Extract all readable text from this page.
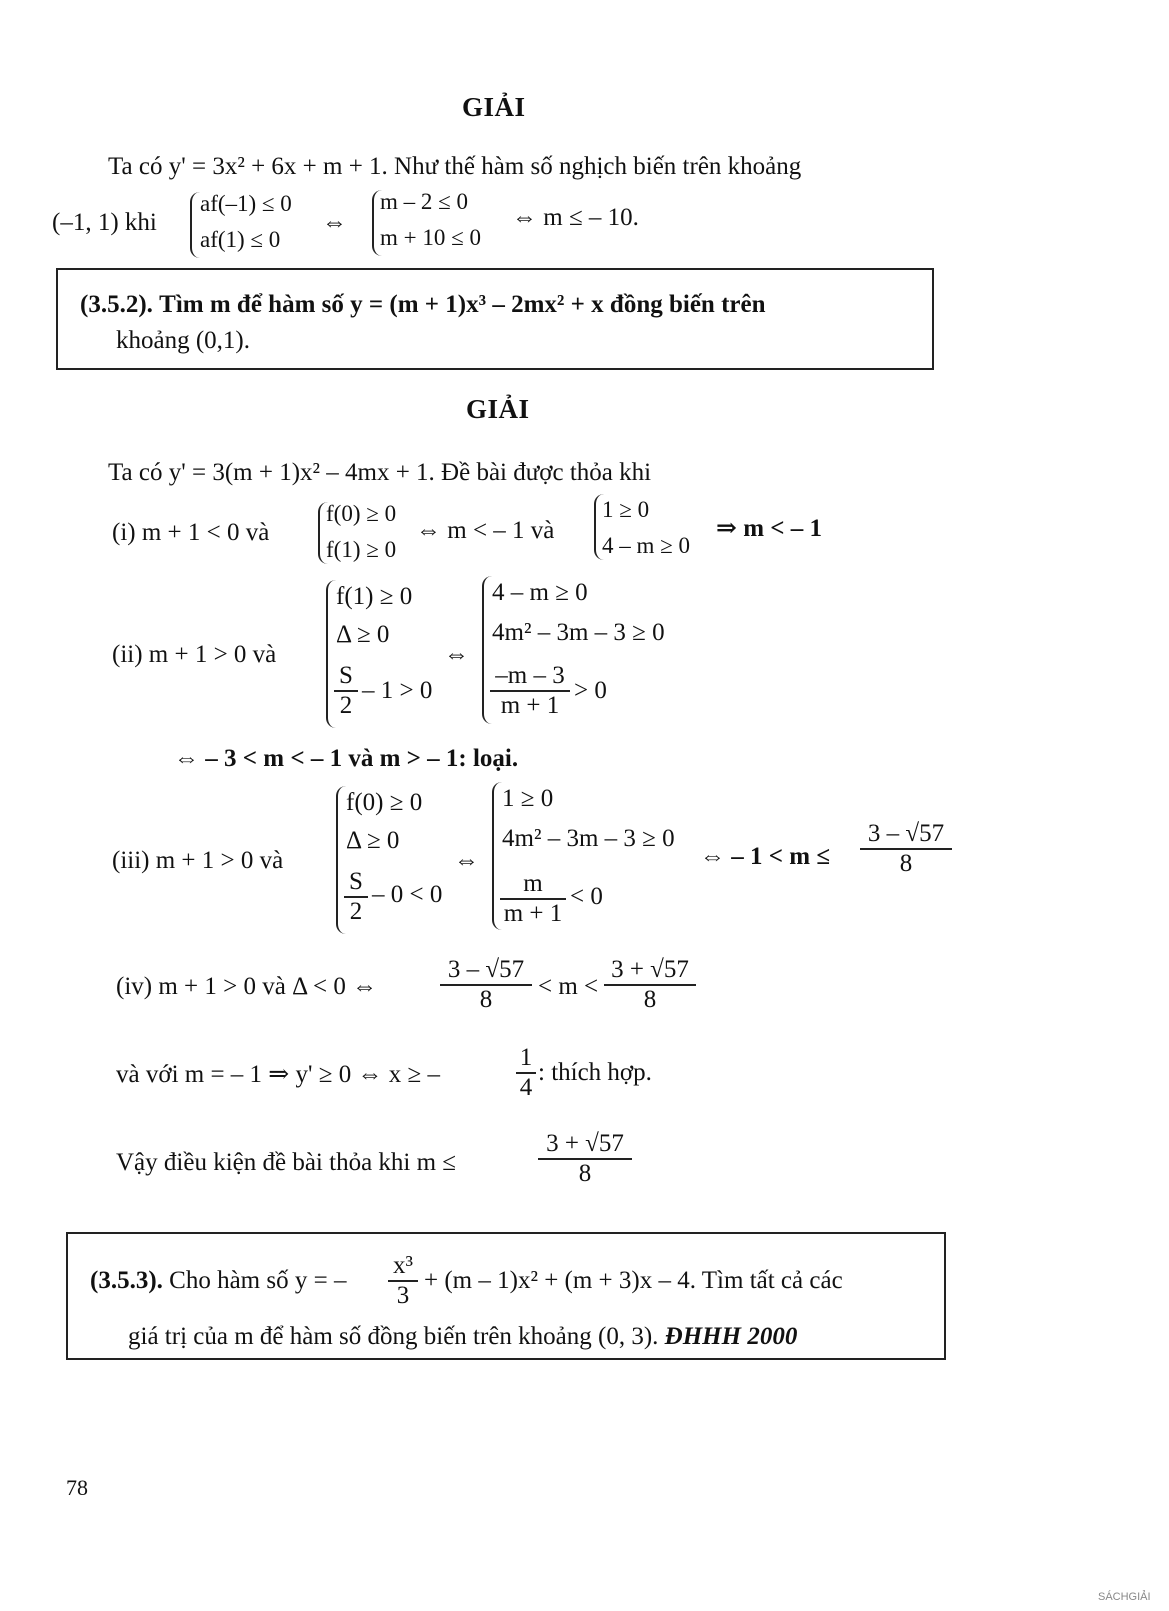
GIẢI
Ta có y' = 3x² + 6x + m + 1. Như thế hàm số nghịch biến trên khoảng
(–1, 1) khi
af(–1) ≤ 0
af(1) ≤ 0
⇔
m – 2 ≤ 0
m + 10 ≤ 0
⇔ m ≤ – 10.
(3.5.2). Tìm m để hàm số y = (m + 1)x³ – 2mx² + x đồng biến trên
khoảng (0,1).
GIẢI
Ta có y' = 3(m + 1)x² – 4mx + 1. Đề bài được thỏa khi
(i) m + 1 < 0 và
f(0) ≥ 0
f(1) ≥ 0
⇔ m < – 1 và
1 ≥ 0
4 – m ≥ 0
⇒ m < – 1
(ii) m + 1 > 0 và
f(1) ≥ 0
Δ ≥ 0
$\frac{S}{2} - 1 > 0$
⇔
4 – m ≥ 0
4m² – 3m – 3 ≥ 0
$\frac{-m - 3}{m + 1} > 0$
⇔ – 3 < m < – 1 và m > – 1: loại.
(iii) m + 1 > 0 và
f(0) ≥ 0
Δ ≥ 0
$\frac{S}{2} - 0 < 0$
⇔
1 ≥ 0
4m² – 3m – 3 ≥ 0
$\frac{m}{m + 1} < 0$
⇔ – $1 < m \le \frac{3 - √57}{8}$
(iv) m + 1 > 0 và Δ < 0 ⇔	$\frac{3 - √57}{8} < m < \frac{3 + √57}{8}$
và với m = – 1 ⇒ y' ≥ 0 ⇔ x ≥ –	$\frac{1}{4}$ : thích hợp.
Vậy điều kiện đề bài thỏa khi m ≤	$\frac{3 + √57}{8}$
(3.5.3). Cho hàm số y = – $\frac{\text{x³}}{3} + (m - 1)x^2 + (m + 3)x - 4$. Tìm tất cả các
giá trị của m để hàm số đồng biến trên khoảng (0, 3). ĐHHH 2000
78
SÁCHGIẢI
